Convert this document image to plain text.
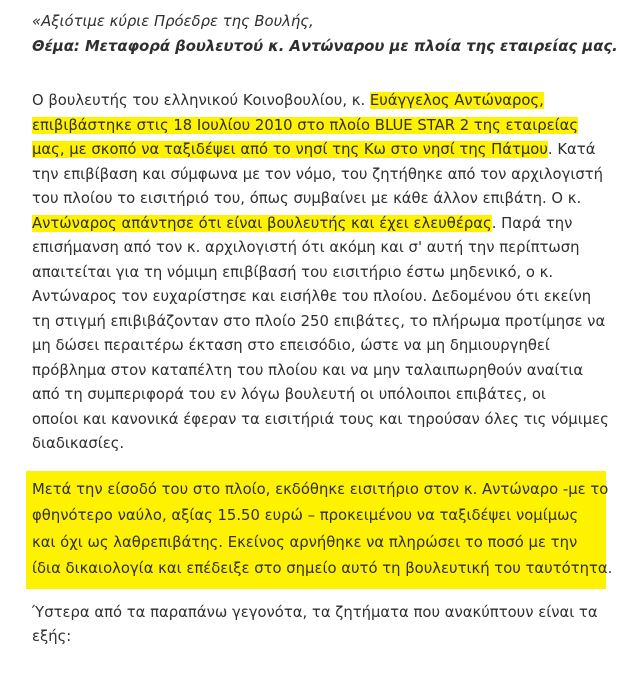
«Αξιότιμε κύριε Πρόεδρε της Βουλής,
Θέμα: Μεταφορά βουλευτού κ. Αντώναρου με πλοία της εταιρείας μας.
Ο βουλευτής του ελληνικού Κοινοβουλίου, κ. Ευάγγελος Αντώναρος,
επιβιβάστηκε στις 18 Ιουλίου 2010 στο πλοίο BLUE STAR 2 της εταιρείας
μας, με σκοπό να ταξιδέψει από το νησί της Κω στο νησί της Πάτμου. Κατά
την επιβίβαση και σύμφωνα με τον νόμο, του ζητήθηκε από τον αρχιλογιστή
του πλοίου το εισιτήριό του, όπως συμβαίνει με κάθε άλλον επιβάτη. Ο κ.
Αντώναρος απάντησε ότι είναι βουλευτής και έχει ελευθέρας. Παρά την
επισήμανση από τον κ. αρχιλογιστή ότι ακόμη και σ' αυτή την περίπτωση
απαιτείται για τη νόμιμη επιβίβασή του εισιτήριο έστω μηδενικό, ο κ.
Αντώναρος τον ευχαρίστησε και εισήλθε του πλοίου. Δεδομένου ότι εκείνη
τη στιγμή επιβιβάζονταν στο πλοίο 250 επιβάτες, το πλήρωμα προτίμησε να
μη δώσει περαιτέρω έκταση στο επεισόδιο, ώστε να μη δημιουργηθεί
πρόβλημα στον καταπέλτη του πλοίου και να μην ταλαιπωρηθούν αναίτια
από τη συμπεριφορά του εν λόγω βουλευτή οι υπόλοιποι επιβάτες, οι
οποίοι και κανονικά έφεραν τα εισιτήριά τους και τηρούσαν όλες τις νόμιμες
διαδικασίες.
Μετά την είσοδό του στο πλοίο, εκδόθηκε εισιτήριο στον κ. Αντώναρο -με το
φθηνότερο ναύλο, αξίας 15.50 ευρώ – προκειμένου να ταξιδέψει νομίμως
και όχι ως λαθρεπιβάτης. Εκείνος αρνήθηκε να πληρώσει το ποσό με την
ίδια δικαιολογία και επέδειξε στο σημείο αυτό τη βουλευτική του ταυτότητα.
Ύστερα από τα παραπάνω γεγονότα, τα ζητήματα που ανακύπτουν είναι τα
εξής:
